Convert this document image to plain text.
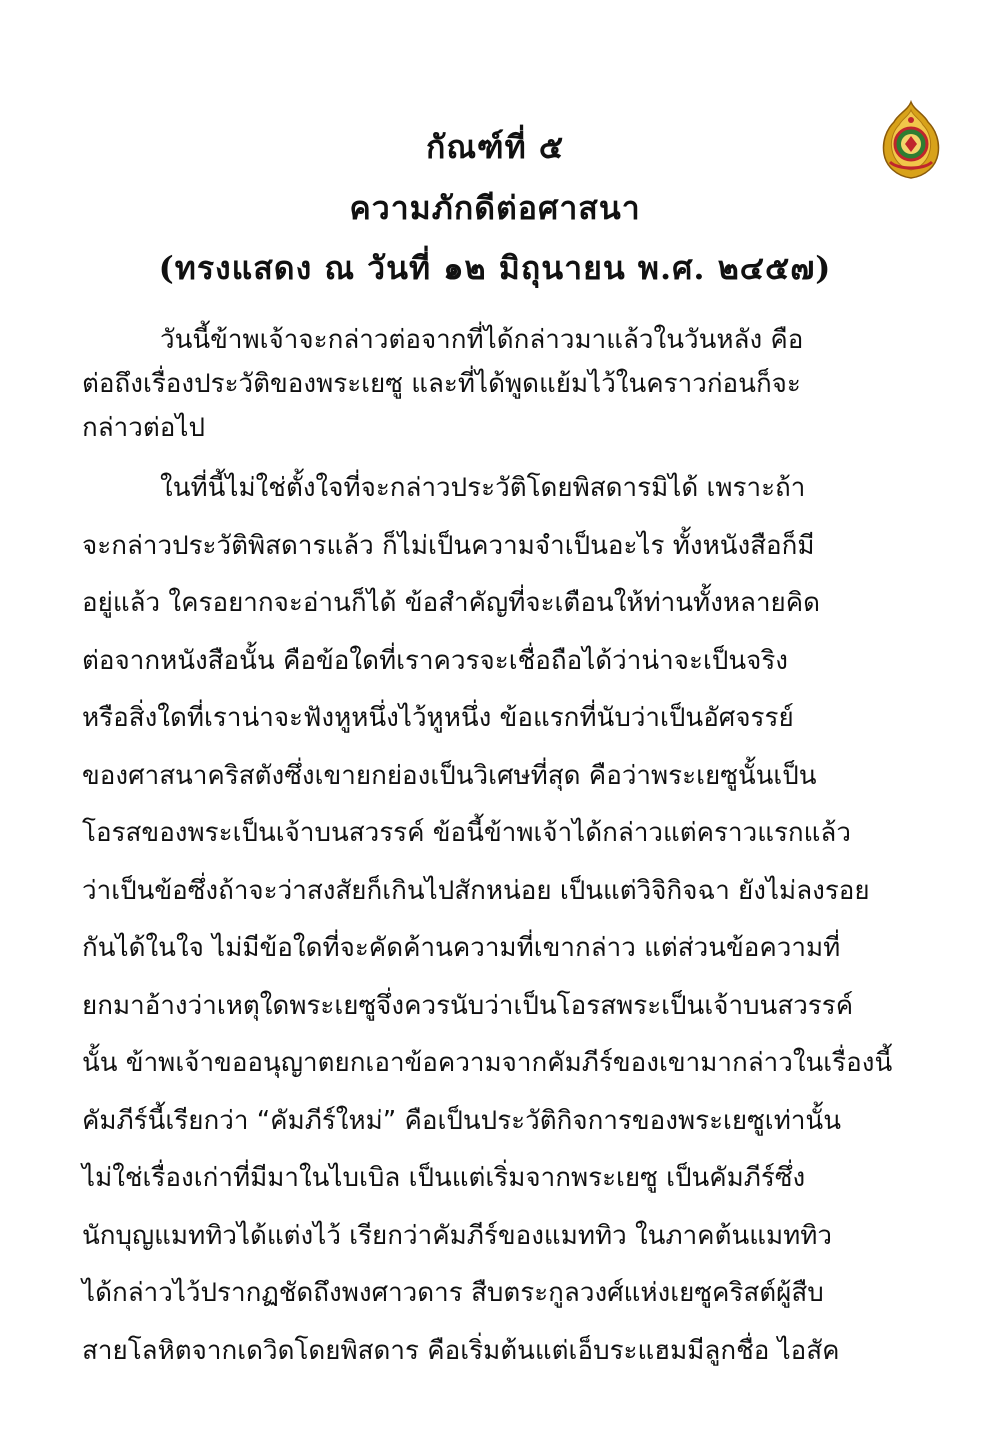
กัณฑ์ที่ ๕
ความภักดีต่อศาสนา
(ทรงแสดง ณ วันที่ ๑๒ มิถุนายน พ.ศ. ๒๔๕๗)
วันนี้ข้าพเจ้าจะกล่าวต่อจากที่ได้กล่าวมาแล้วในวันหลัง คือ
ต่อถึงเรื่องประวัติของพระเยซู และที่ได้พูดแย้มไว้ในคราวก่อนก็จะ
กล่าวต่อไป
ในที่นี้ไม่ใช่ตั้งใจที่จะกล่าวประวัติโดยพิสดารมิได้ เพราะถ้า
จะกล่าวประวัติพิสดารแล้ว ก็ไม่เป็นความจำเป็นอะไร ทั้งหนังสือก็มี
อยู่แล้ว ใครอยากจะอ่านก็ได้ ข้อสำคัญที่จะเตือนให้ท่านทั้งหลายคิด
ต่อจากหนังสือนั้น คือข้อใดที่เราควรจะเชื่อถือได้ว่าน่าจะเป็นจริง
หรือสิ่งใดที่เราน่าจะฟังหูหนึ่งไว้หูหนึ่ง ข้อแรกที่นับว่าเป็นอัศจรรย์
ของศาสนาคริสตังซึ่งเขายกย่องเป็นวิเศษที่สุด คือว่าพระเยซูนั้นเป็น
โอรสของพระเป็นเจ้าบนสวรรค์ ข้อนี้ข้าพเจ้าได้กล่าวแต่คราวแรกแล้ว
ว่าเป็นข้อซึ่งถ้าจะว่าสงสัยก็เกินไปสักหน่อย เป็นแต่วิจิกิจฉา ยังไม่ลงรอย
กันได้ในใจ ไม่มีข้อใดที่จะคัดค้านความที่เขากล่าว แต่ส่วนข้อความที่
ยกมาอ้างว่าเหตุใดพระเยซูจึ่งควรนับว่าเป็นโอรสพระเป็นเจ้าบนสวรรค์
นั้น ข้าพเจ้าขออนุญาตยกเอาข้อความจากคัมภีร์ของเขามากล่าวในเรื่องนี้
คัมภีร์นี้เรียกว่า “คัมภีร์ใหม่” คือเป็นประวัติกิจการของพระเยซูเท่านั้น
ไม่ใช่เรื่องเก่าที่มีมาในไบเบิล เป็นแต่เริ่มจากพระเยซู เป็นคัมภีร์ซึ่ง
นักบุญแมททิวได้แต่งไว้ เรียกว่าคัมภีร์ของแมททิว ในภาคต้นแมททิว
ได้กล่าวไว้ปรากฏชัดถึงพงศาวดาร สืบตระกูลวงศ์แห่งเยซูคริสต์ผู้สืบ
สายโลหิตจากเดวิดโดยพิสดาร คือเริ่มต้นแต่เอ็บระแฮมมีลูกชื่อ ไอสัค
